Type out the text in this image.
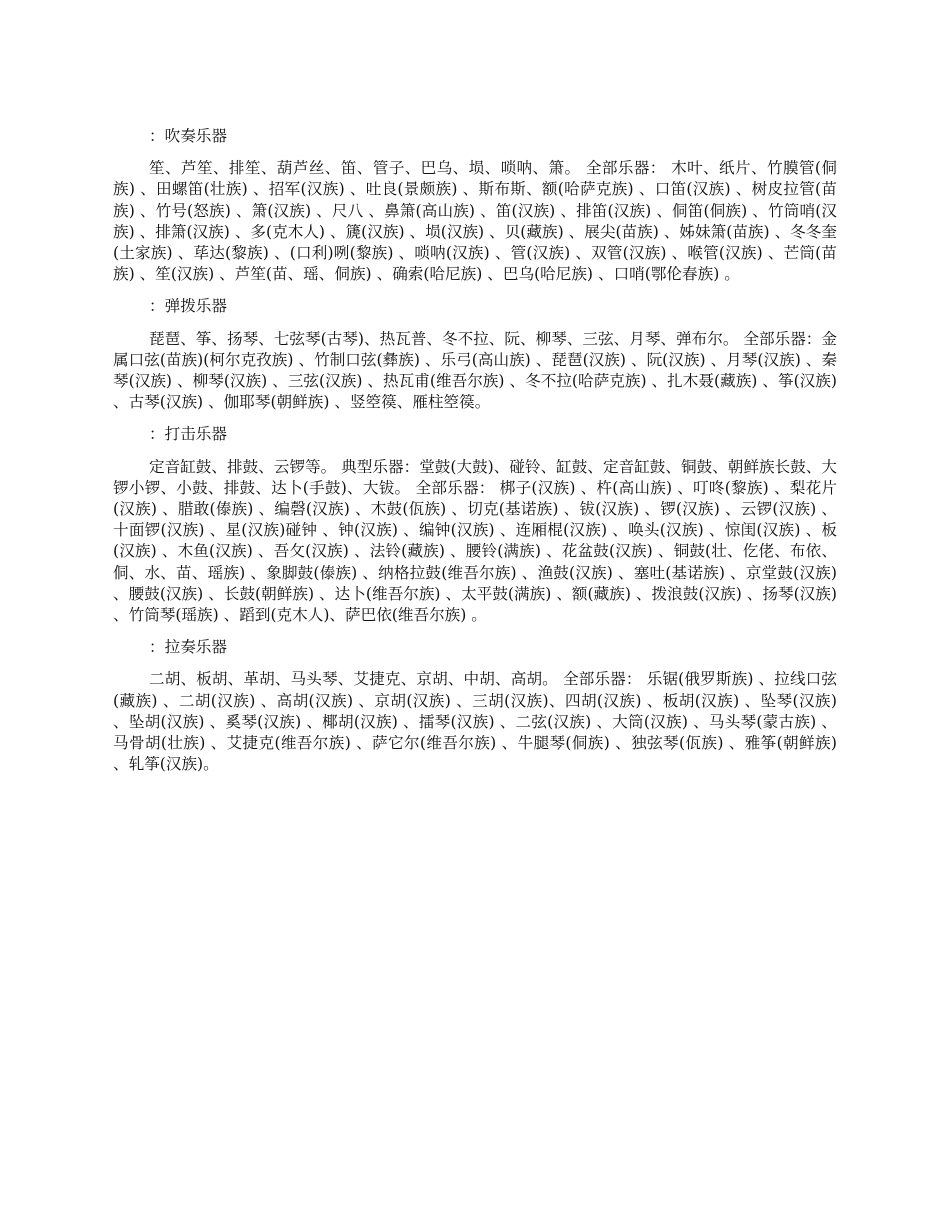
：吹奏乐器
笙、芦笙、排笙、葫芦丝、笛、管子、巴乌、埙、唢呐、箫。 全部乐器： 木叶、纸片、竹膜管(侗族) 、田螺笛(壮族) 、招军(汉族) 、吐良(景颇族) 、斯布斯、额(哈萨克族) 、口笛(汉族) 、树皮拉管(苗族) 、竹号(怒族) 、箫(汉族) 、尺八 、鼻箫(高山族) 、笛(汉族) 、排笛(汉族) 、侗笛(侗族) 、竹筒哨(汉族) 、排箫(汉族) 、多(克木人) 、篪(汉族) 、埙(汉族) 、贝(藏族) 、展尖(苗族) 、姊妹箫(苗族) 、冬冬奎(土家族) 、荜达(黎族) 、(口利)咧(黎族) 、唢呐(汉族) 、管(汉族) 、双管(汉族) 、喉管(汉族) 、芒筒(苗族) 、笙(汉族) 、芦笙(苗、瑶、侗族) 、确索(哈尼族) 、巴乌(哈尼族) 、口哨(鄂伦春族) 。
：弹拨乐器
琵琶、筝、扬琴、七弦琴(古琴)、热瓦普、冬不拉、阮、柳琴、三弦、月琴、弹布尔。 全部乐器：金属口弦(苗族)(柯尔克孜族) 、竹制口弦(彝族) 、乐弓(高山族) 、琵琶(汉族) 、阮(汉族) 、月琴(汉族) 、秦琴(汉族) 、柳琴(汉族) 、三弦(汉族) 、热瓦甫(维吾尔族) 、冬不拉(哈萨克族) 、扎木聂(藏族) 、筝(汉族) 、古琴(汉族) 、伽耶琴(朝鲜族) 、竖箜篌、雁柱箜篌。
：打击乐器
定音缸鼓、排鼓、云锣等。 典型乐器：堂鼓(大鼓)、碰铃、缸鼓、定音缸鼓、铜鼓、朝鲜族长鼓、大锣小锣、小鼓、排鼓、达卜(手鼓)、大钹。 全部乐器： 梆子(汉族) 、杵(高山族) 、叮咚(黎族) 、梨花片(汉族) 、腊敢(傣族) 、编磬(汉族) 、木鼓(佤族) 、切克(基诺族) 、钹(汉族) 、锣(汉族) 、云锣(汉族) 、十面锣(汉族) 、星(汉族)碰钟 、钟(汉族) 、编钟(汉族) 、连厢棍(汉族) 、唤头(汉族) 、惊闺(汉族) 、板(汉族) 、木鱼(汉族) 、吾攵(汉族) 、法铃(藏族) 、腰铃(满族) 、花盆鼓(汉族) 、铜鼓(壮、仡佬、布依、侗、水、苗、瑶族) 、象脚鼓(傣族) 、纳格拉鼓(维吾尔族) 、渔鼓(汉族) 、塞吐(基诺族) 、京堂鼓(汉族) 、腰鼓(汉族) 、长鼓(朝鲜族) 、达卜(维吾尔族) 、太平鼓(满族) 、额(藏族) 、拨浪鼓(汉族) 、扬琴(汉族) 、竹筒琴(瑶族) 、蹈到(克木人)、萨巴依(维吾尔族) 。
：拉奏乐器
二胡、板胡、革胡、马头琴、艾捷克、京胡、中胡、高胡。 全部乐器： 乐锯(俄罗斯族) 、拉线口弦(藏族) 、二胡(汉族) 、高胡(汉族) 、京胡(汉族) 、三胡(汉族)、四胡(汉族) 、板胡(汉族) 、坠琴(汉族) 、坠胡(汉族) 、奚琴(汉族) 、椰胡(汉族) 、擂琴(汉族) 、二弦(汉族) 、大筒(汉族) 、马头琴(蒙古族) 、马骨胡(壮族) 、艾捷克(维吾尔族) 、萨它尔(维吾尔族) 、牛腿琴(侗族) 、独弦琴(佤族) 、雅筝(朝鲜族) 、轧筝(汉族)。
